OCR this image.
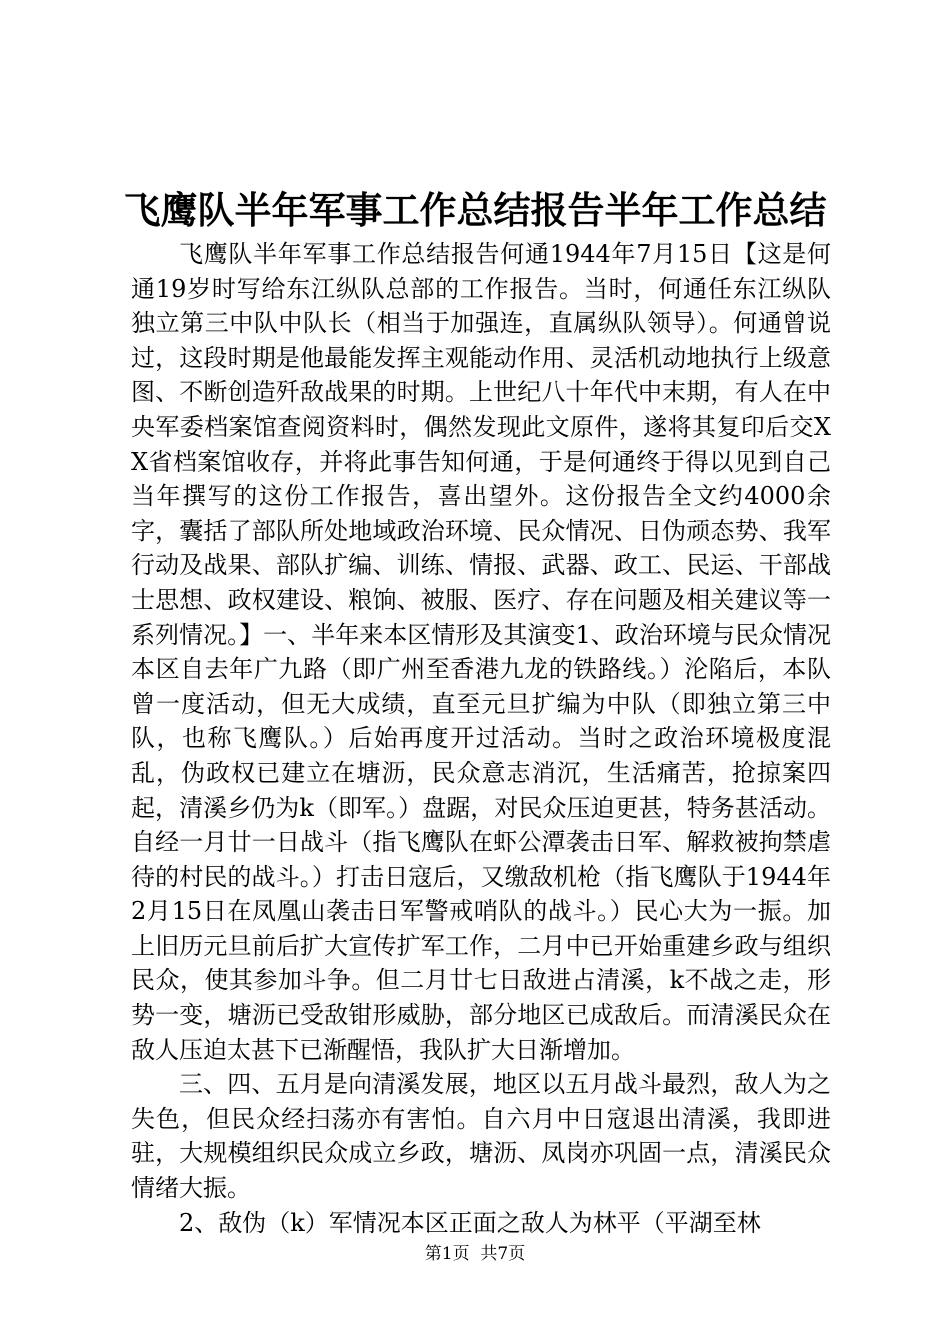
飞鹰队半年军事工作总结报告半年工作总结

飞鹰队半年军事工作总结报告何通1944年7月15日【这是何通19岁时写给东江纵队总部的工作报告。当时，何通任东江纵队独立第三中队中队长（相当于加强连，直属纵队领导）。何通曾说过，这段时期是他最能发挥主观能动作用、灵活机动地执行上级意图、不断创造歼敌战果的时期。上世纪八十年代中末期，有人在中央军委档案馆查阅资料时，偶然发现此文原件，遂将其复印后交XX省档案馆收存，并将此事告知何通，于是何通终于得以见到自己当年撰写的这份工作报告，喜出望外。这份报告全文约4000余字，囊括了部队所处地域政治环境、民众情况、日伪顽态势、我军行动及战果、部队扩编、训练、情报、武器、政工、民运、干部战士思想、政权建设、粮饷、被服、医疗、存在问题及相关建议等一系列情况。】一、半年来本区情形及其演变1、政治环境与民众情况本区自去年广九路（即广州至香港九龙的铁路线。）沦陷后，本队曾一度活动，但无大成绩，直至元旦扩编为中队（即独立第三中队，也称飞鹰队。）后始再度开过活动。当时之政治环境极度混乱，伪政权已建立在塘沥，民众意志消沉，生活痛苦，抢掠案四起，清溪乡仍为k（即军。）盘踞，对民众压迫更甚，特务甚活动。自经一月廿一日战斗（指飞鹰队在虾公潭袭击日军、解救被拘禁虐待的村民的战斗。）打击日寇后，又缴敌机枪（指飞鹰队于1944年2月15日在凤凰山袭击日军警戒哨队的战斗。）民心大为一振。加上旧历元旦前后扩大宣传扩军工作，二月中已开始重建乡政与组织民众，使其参加斗争。但二月廿七日敌进占清溪，k不战之走，形势一变，塘沥已受敌钳形威胁，部分地区已成敌后。而清溪民众在敌人压迫太甚下已渐醒悟，我队扩大日渐增加。

三、四、五月是向清溪发展，地区以五月战斗最烈，敌人为之失色，但民众经扫荡亦有害怕。自六月中日寇退出清溪，我即进驻，大规模组织民众成立乡政，塘沥、凤岗亦巩固一点，清溪民众情绪大振。

2、敌伪（k）军情况本区正面之敌人为林平（平湖至林

第1页 共7页
